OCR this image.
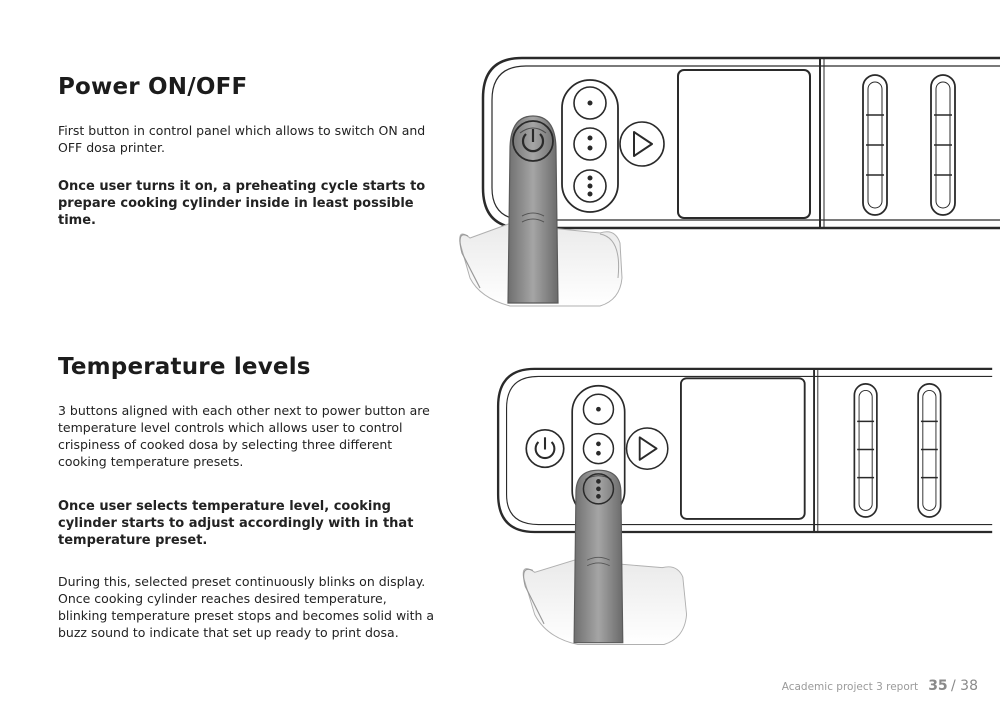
Power ON/OFF

First button in control panel which allows to switch ON and OFF dosa printer.

Once user turns it on, a preheating cycle starts to prepare cooking cylinder inside in least possible time.

Temperature levels

3 buttons aligned with each other next to power button are temperature level controls which allows user to control crispiness of cooked dosa by selecting three different cooking temperature presets.

Once user selects temperature level, cooking cylinder starts to adjust accordingly with in that temperature preset.

During this, selected preset continuously blinks on display. Once cooking cylinder reaches desired temperature, blinking temperature preset stops and becomes solid with a buzz sound to indicate that set up ready to print dosa.

Academic project 3 report 35 / 38
